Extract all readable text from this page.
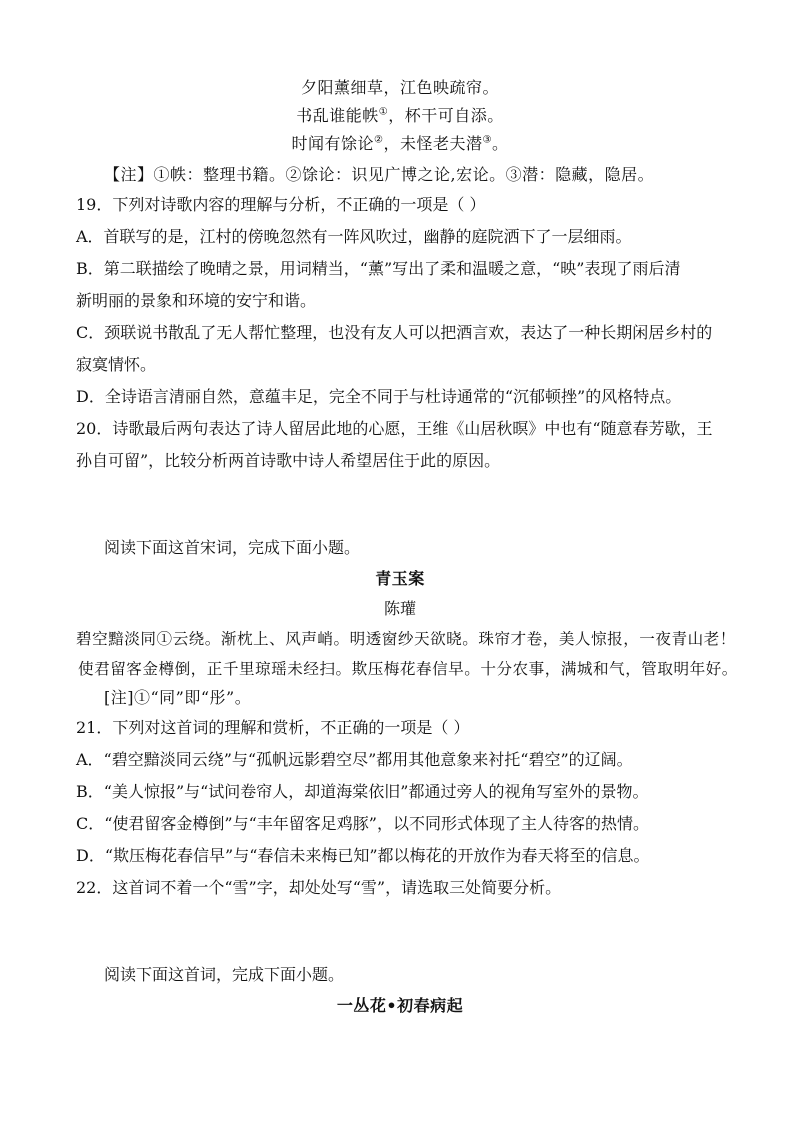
夕阳薰细草，江色映疏帘。
书乱谁能帙①，杯干可自添。
时闻有馀论②，未怪老夫潜③。
【注】①帙：整理书籍。②馀论：识见广博之论,宏论。③潜：隐藏，隐居。
19．下列对诗歌内容的理解与分析，不正确的一项是（ ）
A．首联写的是，江村的傍晚忽然有一阵风吹过，幽静的庭院洒下了一层细雨。
B．第二联描绘了晚晴之景，用词精当，“薰”写出了柔和温暖之意，“映”表现了雨后清
新明丽的景象和环境的安宁和谐。
C．颈联说书散乱了无人帮忙整理，也没有友人可以把酒言欢，表达了一种长期闲居乡村的
寂寞情怀。
D．全诗语言清丽自然，意蕴丰足，完全不同于与杜诗通常的“沉郁顿挫”的风格特点。
20．诗歌最后两句表达了诗人留居此地的心愿，王维《山居秋暝》中也有“随意春芳歇，王
孙自可留”，比较分析两首诗歌中诗人希望居住于此的原因。
阅读下面这首宋词，完成下面小题。
青玉案
陈瓘
碧空黯淡同①云绕。渐枕上、风声峭。明透窗纱天欲晓。珠帘才卷，美人惊报，一夜青山老！
使君留客金樽倒，正千里琼瑶未经扫。欺压梅花春信早。十分农事，满城和气，管取明年好。
[注]①“同”即“彤”。
21．下列对这首词的理解和赏析，不正确的一项是（ ）
A．“碧空黯淡同云绕”与“孤帆远影碧空尽”都用其他意象来衬托“碧空”的辽阔。
B．“美人惊报”与“试问卷帘人，却道海棠依旧”都通过旁人的视角写室外的景物。
C．“使君留客金樽倒”与“丰年留客足鸡豚”，以不同形式体现了主人待客的热情。
D．“欺压梅花春信早”与“春信未来梅已知”都以梅花的开放作为春天将至的信息。
22．这首词不着一个“雪”字，却处处写“雪”，请选取三处简要分析。
阅读下面这首词，完成下面小题。
一丛花•初春病起
